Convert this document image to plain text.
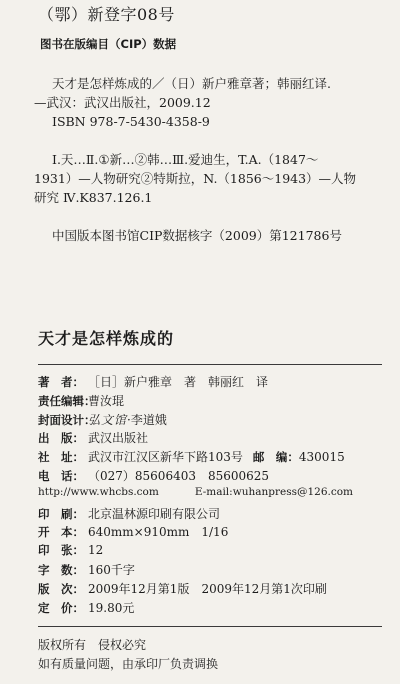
（鄂）新登字08号
图书在版编目（CIP）数据
天才是怎样炼成的／（日）新户雅章著；韩丽红译.
—武汉：武汉出版社，2009.12
ISBN 978-7-5430-4358-9
Ⅰ.天…Ⅱ.①新…②韩…Ⅲ.爱迪生，T.A.（1847～
1931）—人物研究②特斯拉，N.（1856～1943）—人物
研究 Ⅳ.K837.126.1
中国版本图书馆CIP数据核字（2009）第121786号
天才是怎样炼成的
著　者： ［日］新户雅章　著　韩丽红　译
责任编辑：
曹汝琨
封面设计：
弘文馆·李道娥
出　版： 武汉出版社
社　址： 武汉市江汉区新华下路103号 邮　编： 430015
电　话： （027）85606403　85600625
http://www.whcbs.com	E-mail:wuhanpress@126.com
印　刷： 北京温林源印刷有限公司
开　本： 640mm×910mm　1/16
印　张： 12
字　数： 160千字
版　次： 2009年12月第1版　2009年12月第1次印刷
定　价： 19.80元
版权所有　侵权必究
如有质量问题，由承印厂负责调换
